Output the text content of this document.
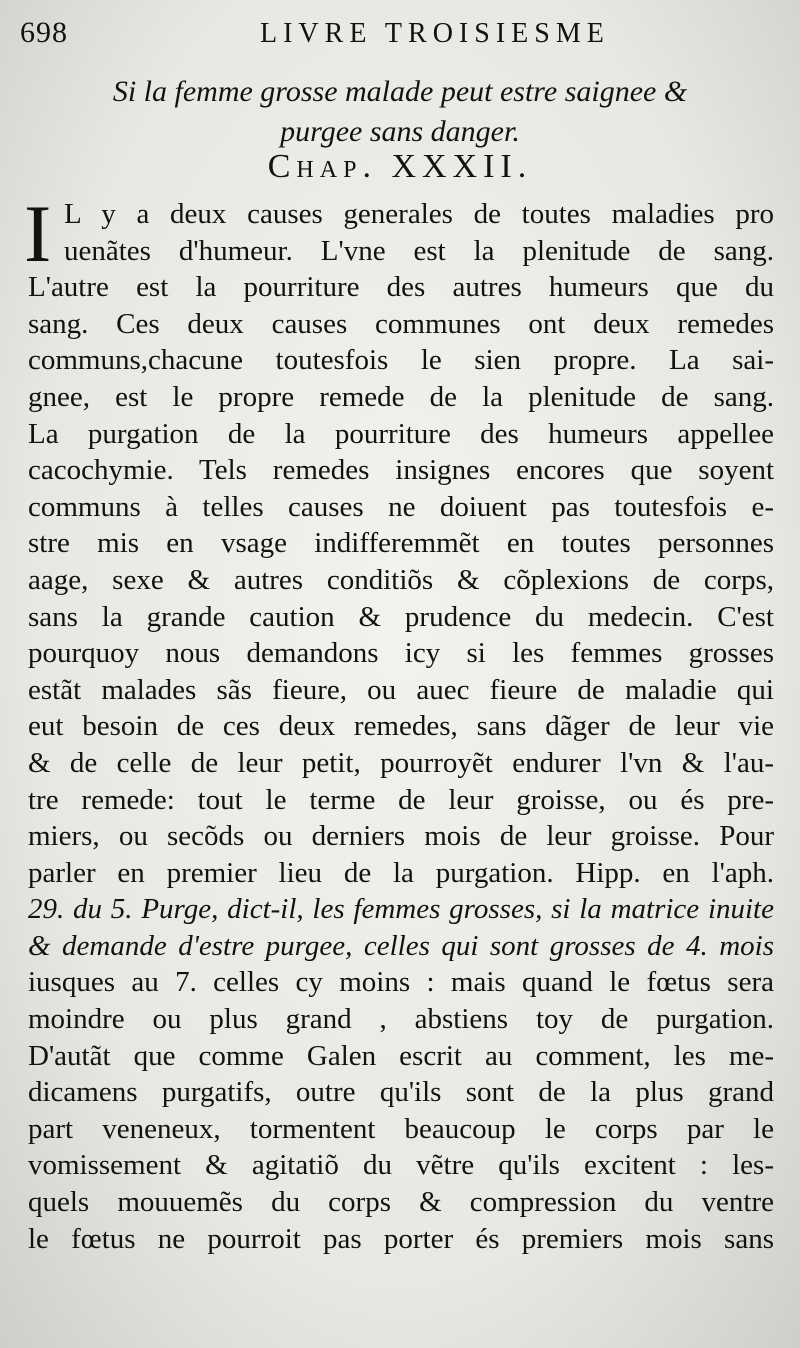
698	LIVRE TROISIESME
Si la femme grosse malade peut estre saignee &
purgee sans danger.
Chap. XXXII.
I L y a deux causes generales de toutes maladies pro
uenãtes d'humeur. L'vne est la plenitude de sang.
L'autre est la pourriture des autres humeurs que du
sang. Ces deux causes communes ont deux remedes
communs,chacune toutesfois le sien propre. La sai-
gnee, est le propre remede de la plenitude de sang.
La purgation de la pourriture des humeurs appellee
cacochymie. Tels remedes insignes encores que soyent
communs à telles causes ne doiuent pas toutesfois e-
stre mis en vsage indifferemmẽt en toutes personnes
aage, sexe & autres conditiõs & cõplexions de corps,
sans la grande caution & prudence du medecin. C'est
pourquoy nous demandons icy si les femmes grosses
estãt malades sãs fieure, ou auec fieure de maladie qui
eut besoin de ces deux remedes, sans dãger de leur vie
& de celle de leur petit, pourroyẽt endurer l'vn & l'au-
tre remede: tout le terme de leur groisse, ou és pre-
miers, ou secõds ou derniers mois de leur groisse. Pour
parler en premier lieu de la purgation. Hipp. en l'aph.
29. du 5. Purge, dict-il, les femmes grosses, si la matrice inuite
& demande d'estre purgee, celles qui sont grosses de 4. mois
iusques au 7. celles cy moins : mais quand le fœtus sera
moindre ou plus grand , abstiens toy de purgation.
D'autãt que comme Galen escrit au comment, les me-
dicamens purgatifs, outre qu'ils sont de la plus grand
part veneneux, tormentent beaucoup le corps par le
vomissement & agitatiõ du vẽtre qu'ils excitent : les-
quels mouuemẽs du corps & compression du ventre
le fœtus ne pourroit pas porter és premiers mois sans
